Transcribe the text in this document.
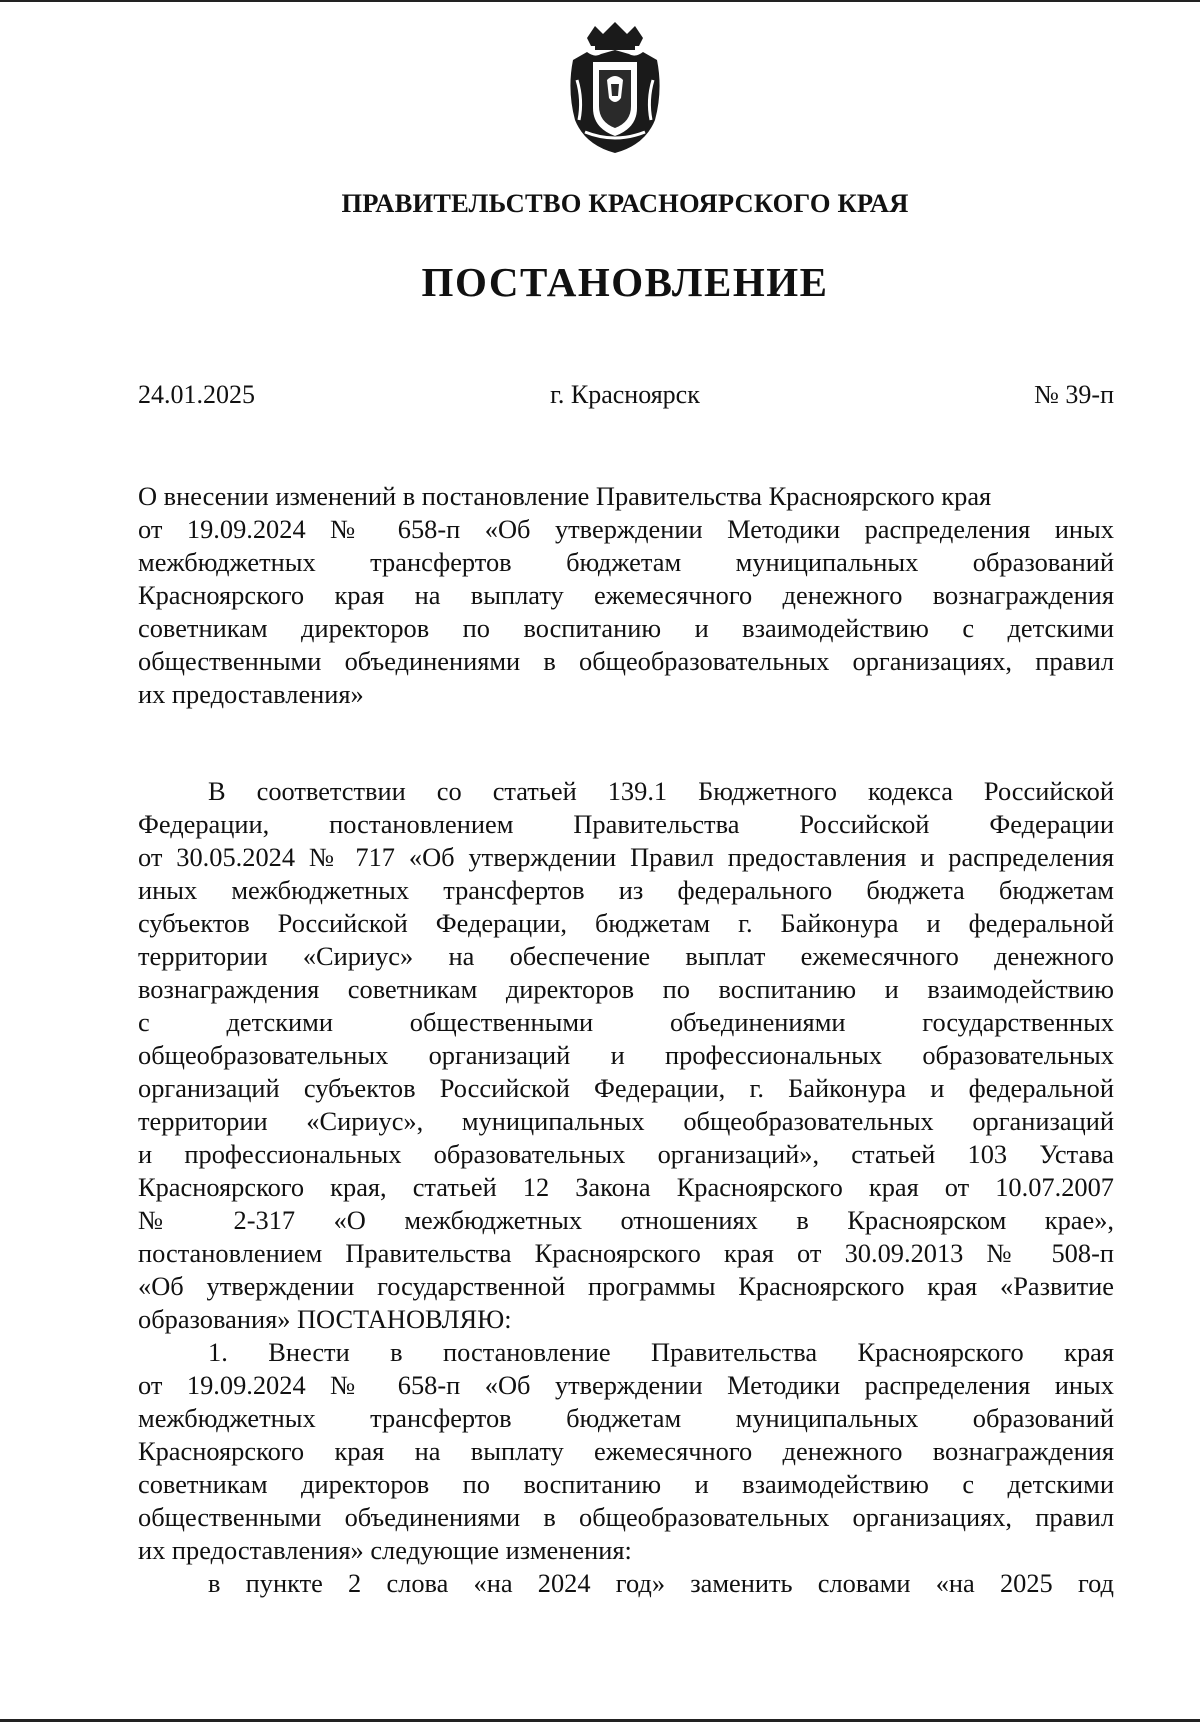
ПРАВИТЕЛЬСТВО КРАСНОЯРСКОГО КРАЯ
ПОСТАНОВЛЕНИЕ
24.01.2025	г. Красноярск	№ 39-п
О внесении изменений в постановление Правительства Красноярского края
от 19.09.2024 № 658-п «Об утверждении Методики распределения иных
межбюджетных трансфертов бюджетам муниципальных образований
Красноярского края на выплату ежемесячного денежного вознаграждения
советникам директоров по воспитанию и взаимодействию с детскими
общественными объединениями в общеобразовательных организациях, правил
их предоставления»
В соответствии со статьей 139.1 Бюджетного кодекса Российской
Федерации, постановлением Правительства Российской Федерации
от 30.05.2024 № 717 «Об утверждении Правил предоставления и распределения
иных межбюджетных трансфертов из федерального бюджета бюджетам
субъектов Российской Федерации, бюджетам г. Байконура и федеральной
территории «Сириус» на обеспечение выплат ежемесячного денежного
вознаграждения советникам директоров по воспитанию и взаимодействию
с детскими общественными объединениями государственных
общеобразовательных организаций и профессиональных образовательных
организаций субъектов Российской Федерации, г. Байконура и федеральной
территории «Сириус», муниципальных общеобразовательных организаций
и профессиональных образовательных организаций», статьей 103 Устава
Красноярского края, статьей 12 Закона Красноярского края от 10.07.2007
№ 2-317 «О межбюджетных отношениях в Красноярском крае»,
постановлением Правительства Красноярского края от 30.09.2013 № 508-п
«Об утверждении государственной программы Красноярского края «Развитие
образования» ПОСТАНОВЛЯЮ:
1. Внести в постановление Правительства Красноярского края
от 19.09.2024 № 658-п «Об утверждении Методики распределения иных
межбюджетных трансфертов бюджетам муниципальных образований
Красноярского края на выплату ежемесячного денежного вознаграждения
советникам директоров по воспитанию и взаимодействию с детскими
общественными объединениями в общеобразовательных организациях, правил
их предоставления» следующие изменения:
в пункте 2 слова «на 2024 год» заменить словами «на 2025 год
